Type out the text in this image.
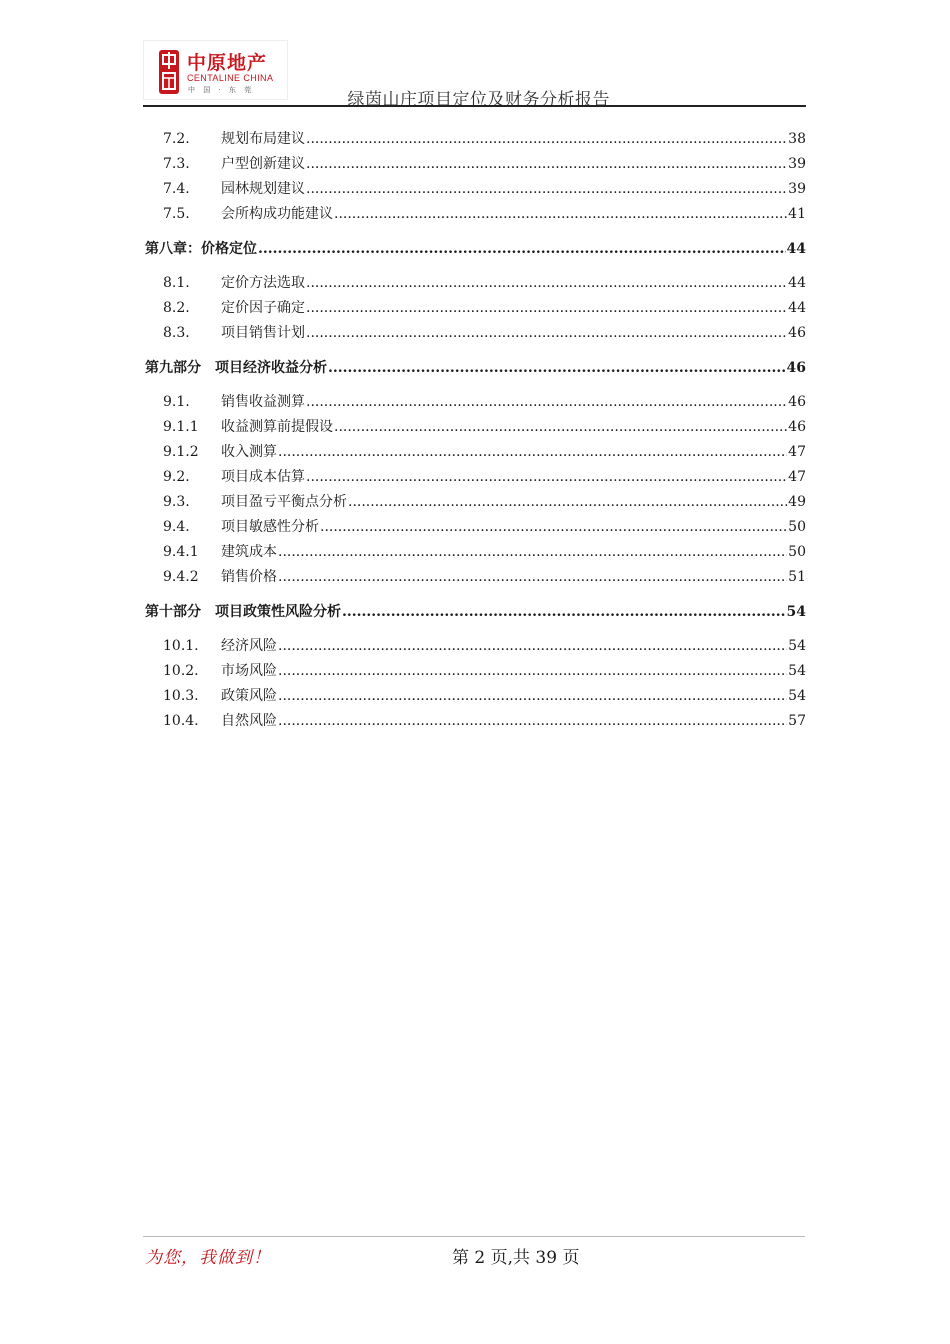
中原地产
CENTALINE CHINA
中 国 · 东 莞	绿茵山庄项目定位及财务分析报告
7.2.	规划布局建议 .....	38
7.3.	户型创新建议 .....	39
7.4.	园林规划建议 .....	39
7.5.	会所构成功能建议 .....	41
第八章：价格定位 .....	44
8.1.	定价方法选取 .....	44
8.2.	定价因子确定 .....	44
8.3.	项目销售计划 .....	46
第九部分　项目经济收益分析 .....	46
9.1.	销售收益测算 .....	46
9.1.1	收益测算前提假设 .....	46
9.1.2	收入测算 .....	47
9.2.	项目成本估算 .....	47
9.3.	项目盈亏平衡点分析 .....	49
9.4.	项目敏感性分析 .....	50
9.4.1	建筑成本 .....	50
9.4.2	销售价格 .....	51
第十部分　项目政策性风险分析 .....	54
10.1.	经济风险 .....	54
10.2.	市场风险 .....	54
10.3.	政策风险 .....	54
10.4.	自然风险 .....	57
为您，我做到！	第 2 页,共 39 页
